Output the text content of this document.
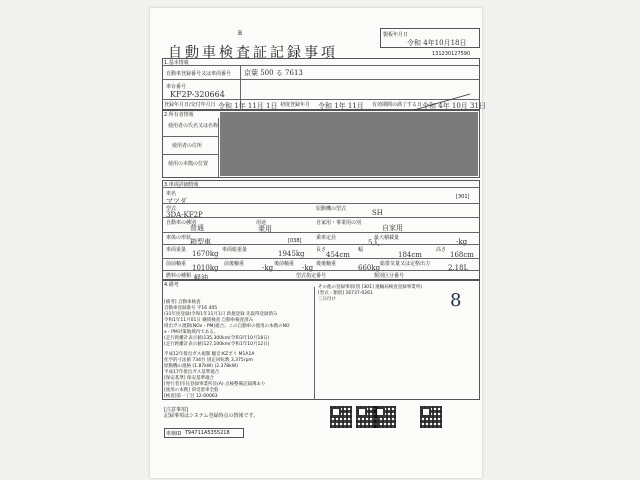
B
自動車検査証記録事項
製板年月日
令和 4年10月18日
131230127590
1.基本情報
自動車登録番号又は車両番号 京葉 500 る 7613
車台番号
KF2P-320664
登録年月日/交付年月日 令和 1年 11月 1日 初度登録年月 令和 1年 11月 有効期間の満了する日 令和 4年 10月 31日
2.所有者情報
使用者の氏名又は名称
使用者の住所
使用の本拠の位置
3.車両詳細情報
車名
マツダ	[301]
型式
3DA-KF2P
原動機の型式	SH
自動車の種別
普通
用途
乗用
自家用・事業用の別
自家用
車体の形状
箱型車	[038]	乗車定員
5人
最大積載量	-kg
車両重量 1670kg 車両総重量	1945kg 長さ
454cm
幅
184cm
高さ
168cm
前前軸重 1010kg 前後軸重	-kg 後前軸重 -kg 後後軸重	660kg 総排気量又は定格出力	2.18L
燃料の種類 軽油	型式指定番号	類別区分番号
4.備考
[備考] 自動車検査
自動車登録番号 平16 405
(31年度登録)令和1年11月1日 新規登録 先取得登録済み
令和1年11月01日 継続検査 自動車検査済み
排出ガス規制(NOx・PM)適合。この自動車の使用の本拠のNO
x・PM対策地域内である。
(走行距離計表示値)135,300km(令和3年10月18日)
(走行距離計表示値)127,100km(令和1年10月12日)
平成12年排出ガス規制 騒音:KZボリ M1A1A
化学的寸法値 734台 固定回転数 3,375rpm
原動機の規格 (1.87kW) (2.378kW)
平成17年排出ガス基準適合
[保安基準] 保安基準適合
[発行者]市長登録事業所長(A) 点検整備記録簿あり
[使用の本拠] 荷受着車全般
[検査]第一丁目 12-00063
その他の登録事項(別 [301] 運輸局検査登録事業所)
[型式・類別] 16737-0261
三日付け	8
[注意事項]
記録事項はシステム登録時点の情報です。
車検ID T94711A5355218
